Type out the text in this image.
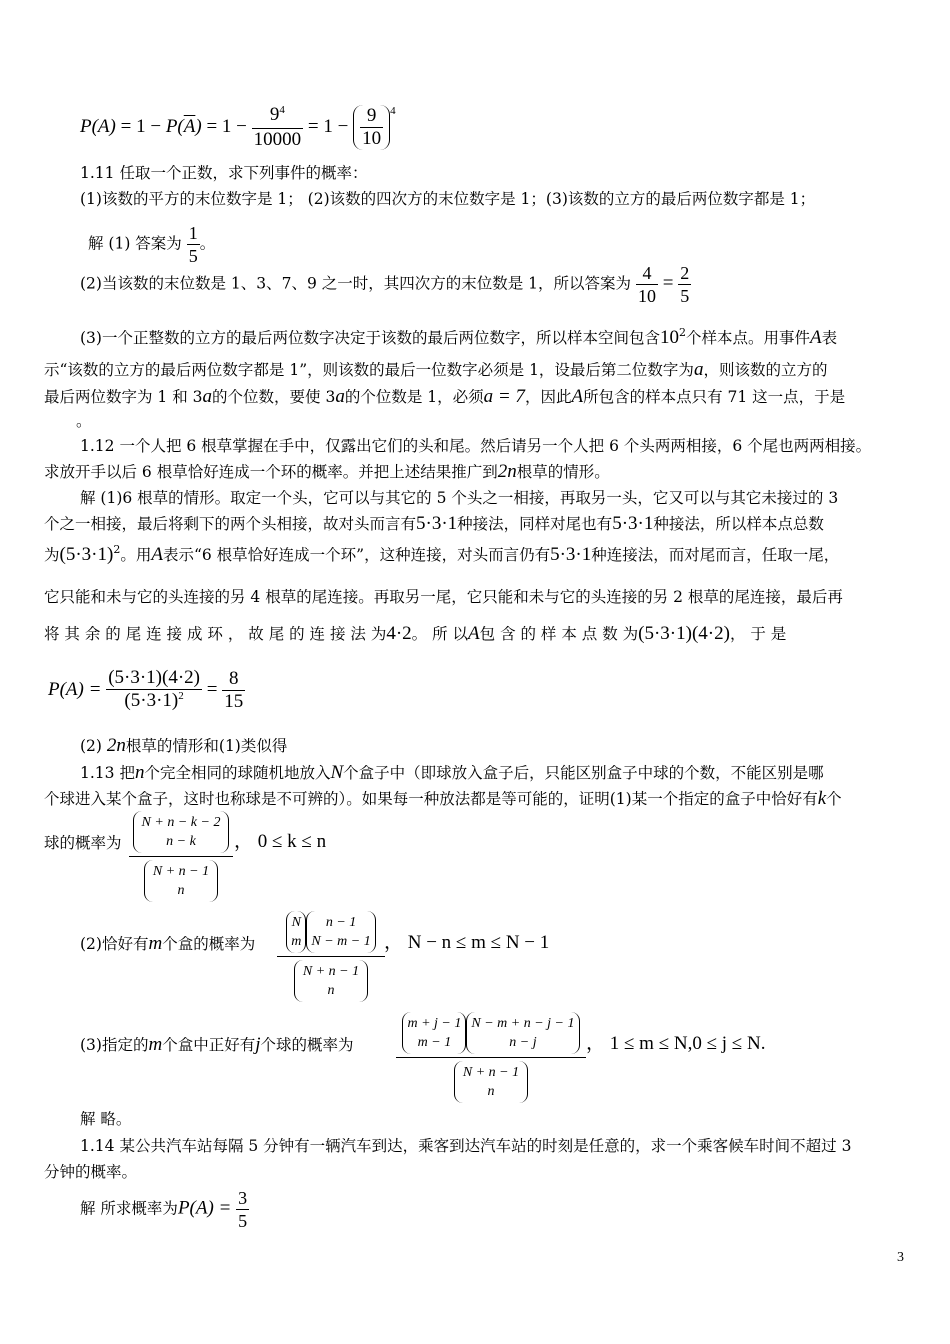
$P(A) = 1 - P(\overline{A}) = 1 - \frac{9^4}{10000} = 1 - \frac{9}{10} ^4$
1.11 任取一个正数，求下列事件的概率：
(1)该数的平方的末位数字是 1； (2)该数的四次方的末位数字是 1；(3)该数的立方的最后两位数字都是 1；
解 (1) 答案为 $\frac{1}{5}$ 。
(2)当该数的末位数是 1、3、7、9 之一时，其四次方的末位数是 1，所以答案为 $\frac{4}{10} = \frac{2}{5}$
(3)一个正整数的立方的最后两位数字决定于该数的最后两位数字，所以样本空间包含$10^2$个样本点。用事件A表
示“该数的立方的最后两位数字都是 1”，则该数的最后一位数字必须是 1，设最后第二位数字为a，则该数的立方的
最后两位数字为 1 和 3a的个位数，要使 3a的个位数是 1，必须a = 7，因此A所包含的样本点只有 71 这一点，于是
。
1.12 一个人把 6 根草掌握在手中，仅露出它们的头和尾。然后请另一个人把 6 个头两两相接，6 个尾也两两相接。
求放开手以后 6 根草恰好连成一个环的概率。并把上述结果推广到2n根草的情形。
解 (1)6 根草的情形。取定一个头，它可以与其它的 5 个头之一相接，再取另一头，它又可以与其它未接过的 3
个之一相接，最后将剩下的两个头相接，故对头而言有5·3·1种接法，同样对尾也有5·3·1种接法，所以样本点总数
为$(5\cdot 3\cdot 1)^2$。用A表示“6 根草恰好连成一个环”，这种连接，对头而言仍有5·3·1种连接法，而对尾而言，任取一尾，
它只能和未与它的头连接的另 4 根草的尾连接。再取另一尾，它只能和未与它的头连接的另 2 根草的尾连接，最后再
将 其 余 的 尾 连 接 成 环 ， 故 尾 的 连 接 法 为4·2。 所 以A包 含 的 样 本 点 数 为(5·3·1)(4·2)， 于 是
$P(A) = \frac{(5\cdot 3\cdot 1)(4\cdot 2)}{(5\cdot 3\cdot 1)^2} = \frac{8}{15}$
(2) 2n根草的情形和(1)类似得
1.13 把n个完全相同的球随机地放入N个盒子中（即球放入盒子后，只能区别盒子中球的个数，不能区别是哪
个球进入某个盒子，这时也称球是不可辨的）。如果每一种放法都是等可能的，证明(1)某一个指定的盒子中恰好有k个
球的概率为 N + n − k − 2
n − k
N + n − 1
n ， 0 ≤ k ≤ n
(2)恰好有m个盒的概率为
N
m
n − 1
N − m − 1
N + n − 1
n
， N − n ≤ m ≤ N − 1
(3)指定的m个盒中正好有j个球的概率为	m + j − 1
m − 1
N − m + n − j − 1
n − j
N + n − 1
n ， 1 ≤ m ≤ N,0 ≤ j ≤ N.
解 略。
1.14 某公共汽车站每隔 5 分钟有一辆汽车到达，乘客到达汽车站的时刻是任意的，求一个乘客候车时间不超过 3
分钟的概率。
解 所求概率为$P(A) = \frac{3}{5}$
3
